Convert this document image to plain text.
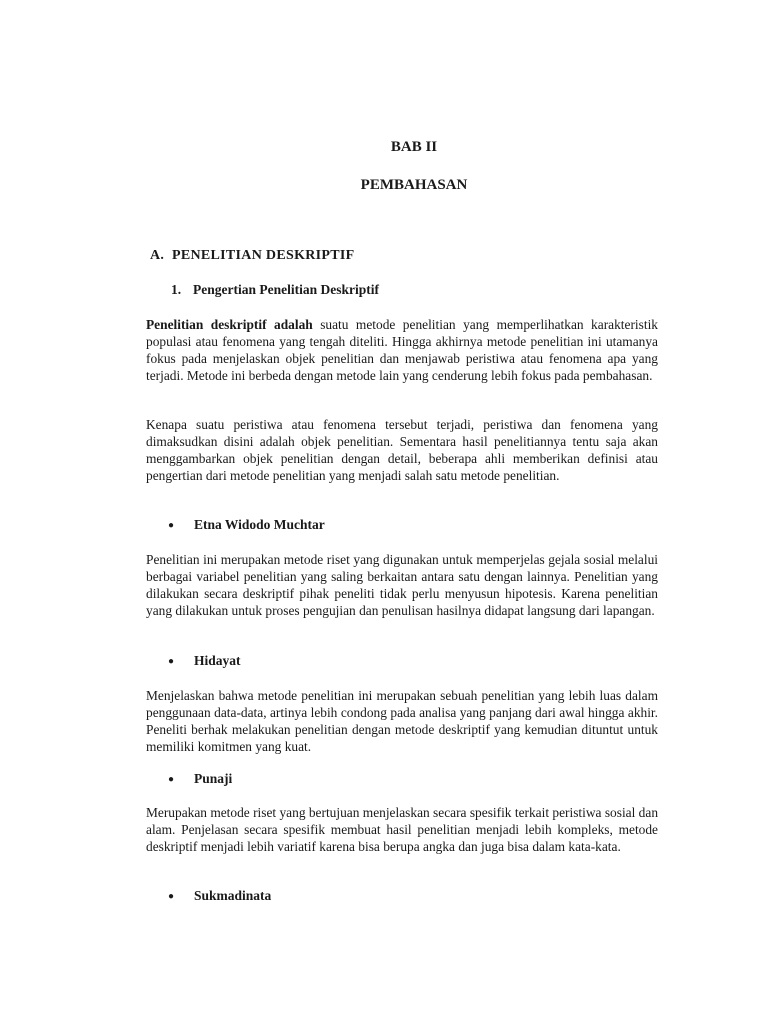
BAB II
PEMBAHASAN
A. PENELITIAN DESKRIPTIF
1. Pengertian Penelitian Deskriptif

Penelitian deskriptif adalah suatu metode penelitian yang memperlihatkan karakteristik populasi atau fenomena yang tengah diteliti. Hingga akhirnya metode penelitian ini utamanya fokus pada menjelaskan objek penelitian dan menjawab peristiwa atau fenomena apa yang terjadi. Metode ini berbeda dengan metode lain yang cenderung lebih fokus pada pembahasan.

Kenapa suatu peristiwa atau fenomena tersebut terjadi, peristiwa dan fenomena yang dimaksudkan disini adalah objek penelitian. Sementara hasil penelitiannya tentu saja akan menggambarkan objek penelitian dengan detail, beberapa ahli memberikan definisi atau pengertian dari metode penelitian yang menjadi salah satu metode penelitian.

● Etna Widodo Muchtar

Penelitian ini merupakan metode riset yang digunakan untuk memperjelas gejala sosial melalui berbagai variabel penelitian yang saling berkaitan antara satu dengan lainnya. Penelitian yang dilakukan secara deskriptif pihak peneliti tidak perlu menyusun hipotesis. Karena penelitian yang dilakukan untuk proses pengujian dan penulisan hasilnya didapat langsung dari lapangan.

● Hidayat

Menjelaskan bahwa metode penelitian ini merupakan sebuah penelitian yang lebih luas dalam penggunaan data-data, artinya lebih condong pada analisa yang panjang dari awal hingga akhir. Peneliti berhak melakukan penelitian dengan metode deskriptif yang kemudian dituntut untuk memiliki komitmen yang kuat.

● Punaji

Merupakan metode riset yang bertujuan menjelaskan secara spesifik terkait peristiwa sosial dan alam. Penjelasan secara spesifik membuat hasil penelitian menjadi lebih kompleks, metode deskriptif menjadi lebih variatif karena bisa berupa angka dan juga bisa dalam kata-kata.

● Sukmadinata
